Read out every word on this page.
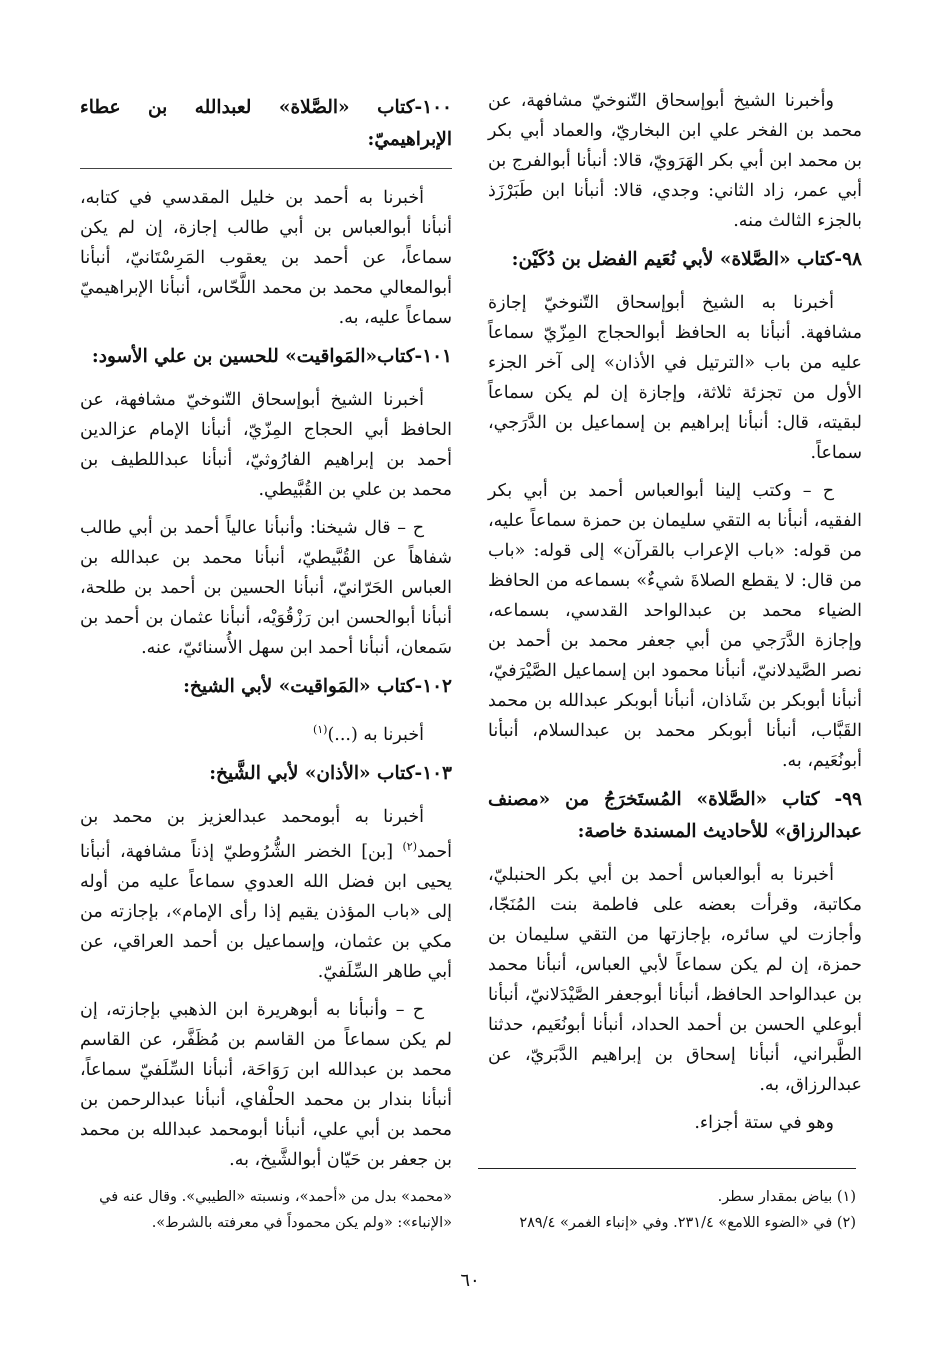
وأخبرنا الشيخ أبوإسحاق التّنوخيّ مشافهة، عن محمد بن الفخر علي ابن البخاريّ، والعماد أبي بكر بن محمد ابن أبي بكر الهَرَويّ، قالا: أنبأنا أبوالفرج بن أبي عمر، زاد الثاني: وجدي، قالا: أنبأنا ابن طَبَرْزَذ بالجزء الثالث منه.

٩٨-كتاب «الصَّلاة» لأبي نُعَيم الفضل بن دُكَيْن:

أخبرنا به الشيخ أبوإسحاق التّنوخيّ إجازة مشافهة. أنبأنا به الحافظ أبوالحجاج المِزّيّ سماعاً عليه من باب «الترتيل في الأذان» إلى آخر الجزء الأول من تجزئة ثلاثة، وإجازة إن لم يكن سماعاً لبقيته، قال: أنبأنا إبراهيم بن إسماعيل بن الدَّرَجي، سماعاً.

ح – وكتب إلينا أبوالعباس أحمد بن أبي بكر الفقيه، أنبأنا به التقي سليمان بن حمزة سماعاً عليه، من قوله: «باب الإعراب بالقرآن» إلى قوله: «باب من قال: لا يقطع الصلاةَ شيءٌ» بسماعه من الحافظ الضياء محمد بن عبدالواحد القدسي، بسماعه، وإجازة الدَّرَجي من أبي جعفر محمد بن أحمد بن نصر الصَّيدلانيّ، أنبأنا محمود ابن إسماعيل الصَّيْرَفيّ، أنبأنا أبوبكر بن شَاذان، أنبأنا أبوبكر عبدالله بن محمد القَبَّاب، أنبأنا أبوبكر محمد بن عبدالسلام، أنبأنا أبونُعَيم، به.

٩٩- كتاب «الصَّلاة» المُستَخرَجُ من «مصنف عبدالرزاق» للأحاديث المسندة خاصة:

أخبرنا به أبوالعباس أحمد بن أبي بكر الحنبليّ، مكاتبة، وقرأت بعضه على فاطمة بنت المُنَجّا، وأجازت لي سائره، بإجازتها من التقي سليمان بن حمزة، إن لم يكن سماعاً لأبي العباس، أنبأنا محمد بن عبدالواحد الحافظ، أنبأنا أبوجعفر الصَّيْدَلانيّ، أنبأنا أبوعلي الحسن بن أحمد الحداد، أنبأنا أبونُعَيم، حدثنا الطَّبراني، أنبأنا إسحاق بن إبراهيم الدَّبَريّ، عن عبدالرزاق، به.

وهو في ستة أجزاء.

١٠٠-كتاب «الصَّلاة» لعبدالله بن عطاء الإبراهيميّ:

أخبرنا به أحمد بن خليل المقدسي في كتابه، أنبأنا أبوالعباس بن أبي طالب إجازة، إن لم يكن سماعاً، عن أحمد بن يعقوب المَرِسْتَانيّ، أنبأنا أبوالمعالي محمد بن محمد اللَّحّاس، أنبأنا الإبراهيميّ سماعاً عليه، به.

١٠١-كتاب«المَواقيت» للحسين بن علي الأسود:

أخبرنا الشيخ أبوإسحاق التّنوخيّ مشافهة، عن الحافظ أبي الحجاج المِزّيّ، أنبأنا الإمام عزالدين أحمد بن إبراهيم الفارُوثيّ، أنبأنا عبداللطيف بن محمد بن علي بن القُبَّيطي.

ح – قال شيخنا: وأنبأنا عالياً أحمد بن أبي طالب شفاهاً عن القُبَّيطيّ، أنبأنا محمد بن عبدالله بن العباس الحَرّانيّ، أنبأنا الحسين بن أحمد بن طلحة، أنبأنا أبوالحسن ابن رَزْقُوَيْه، أنبأنا عثمان بن أحمد بن سَمعان، أنبأنا أحمد ابن سهل الأُسنائيّ، عنه.

١٠٢-كتاب «المَواقيت» لأبي الشيخ:

أخبرنا به (...)$^{(١)}$

١٠٣-كتاب «الأذان» لأبي الشَّيخ:

أخبرنا به أبومحمد عبدالعزيز بن محمد بن أحمد$^{(٢)}$ [بن] الخضر الشُّرُوطيّ إذناً مشافهة، أنبأنا يحيى ابن فضل الله العدوي سماعاً عليه من أوله إلى «باب المؤذن يقيم إذا رأى الإمام»، بإجازته من مكي بن عثمان، وإسماعيل بن أحمد العراقي، عن أبي طاهر السِّلَفيّ.

ح – وأنبأنا به أبوهريرة ابن الذهبي بإجازته، إن لم يكن سماعاً من القاسم بن مُظَفَّر، عن القاسم محمد بن عبدالله ابن رَوَاحَة، أنبأنا السِّلَفيّ سماعاً، أنبأنا بندار بن محمد الحلْفاي، أنبأنا عبدالرحمن بن محمد بن أبي علي، أنبأنا أبومحمد عبدالله بن محمد بن جعفر بن حَيّان أبوالشَّيخ، به.

(١) بياض بمقدار سطر.
(٢) في «الضوء اللامع» ٢٣١/٤. وفي «إنباء الغمر» ٢٨٩/٤
«محمد» بدل من «أحمد»، ونسبته «الطيبي». وقال عنه في «الإنباء»: «ولم يكن محموداً في معرفته بالشرط».
٦٠
